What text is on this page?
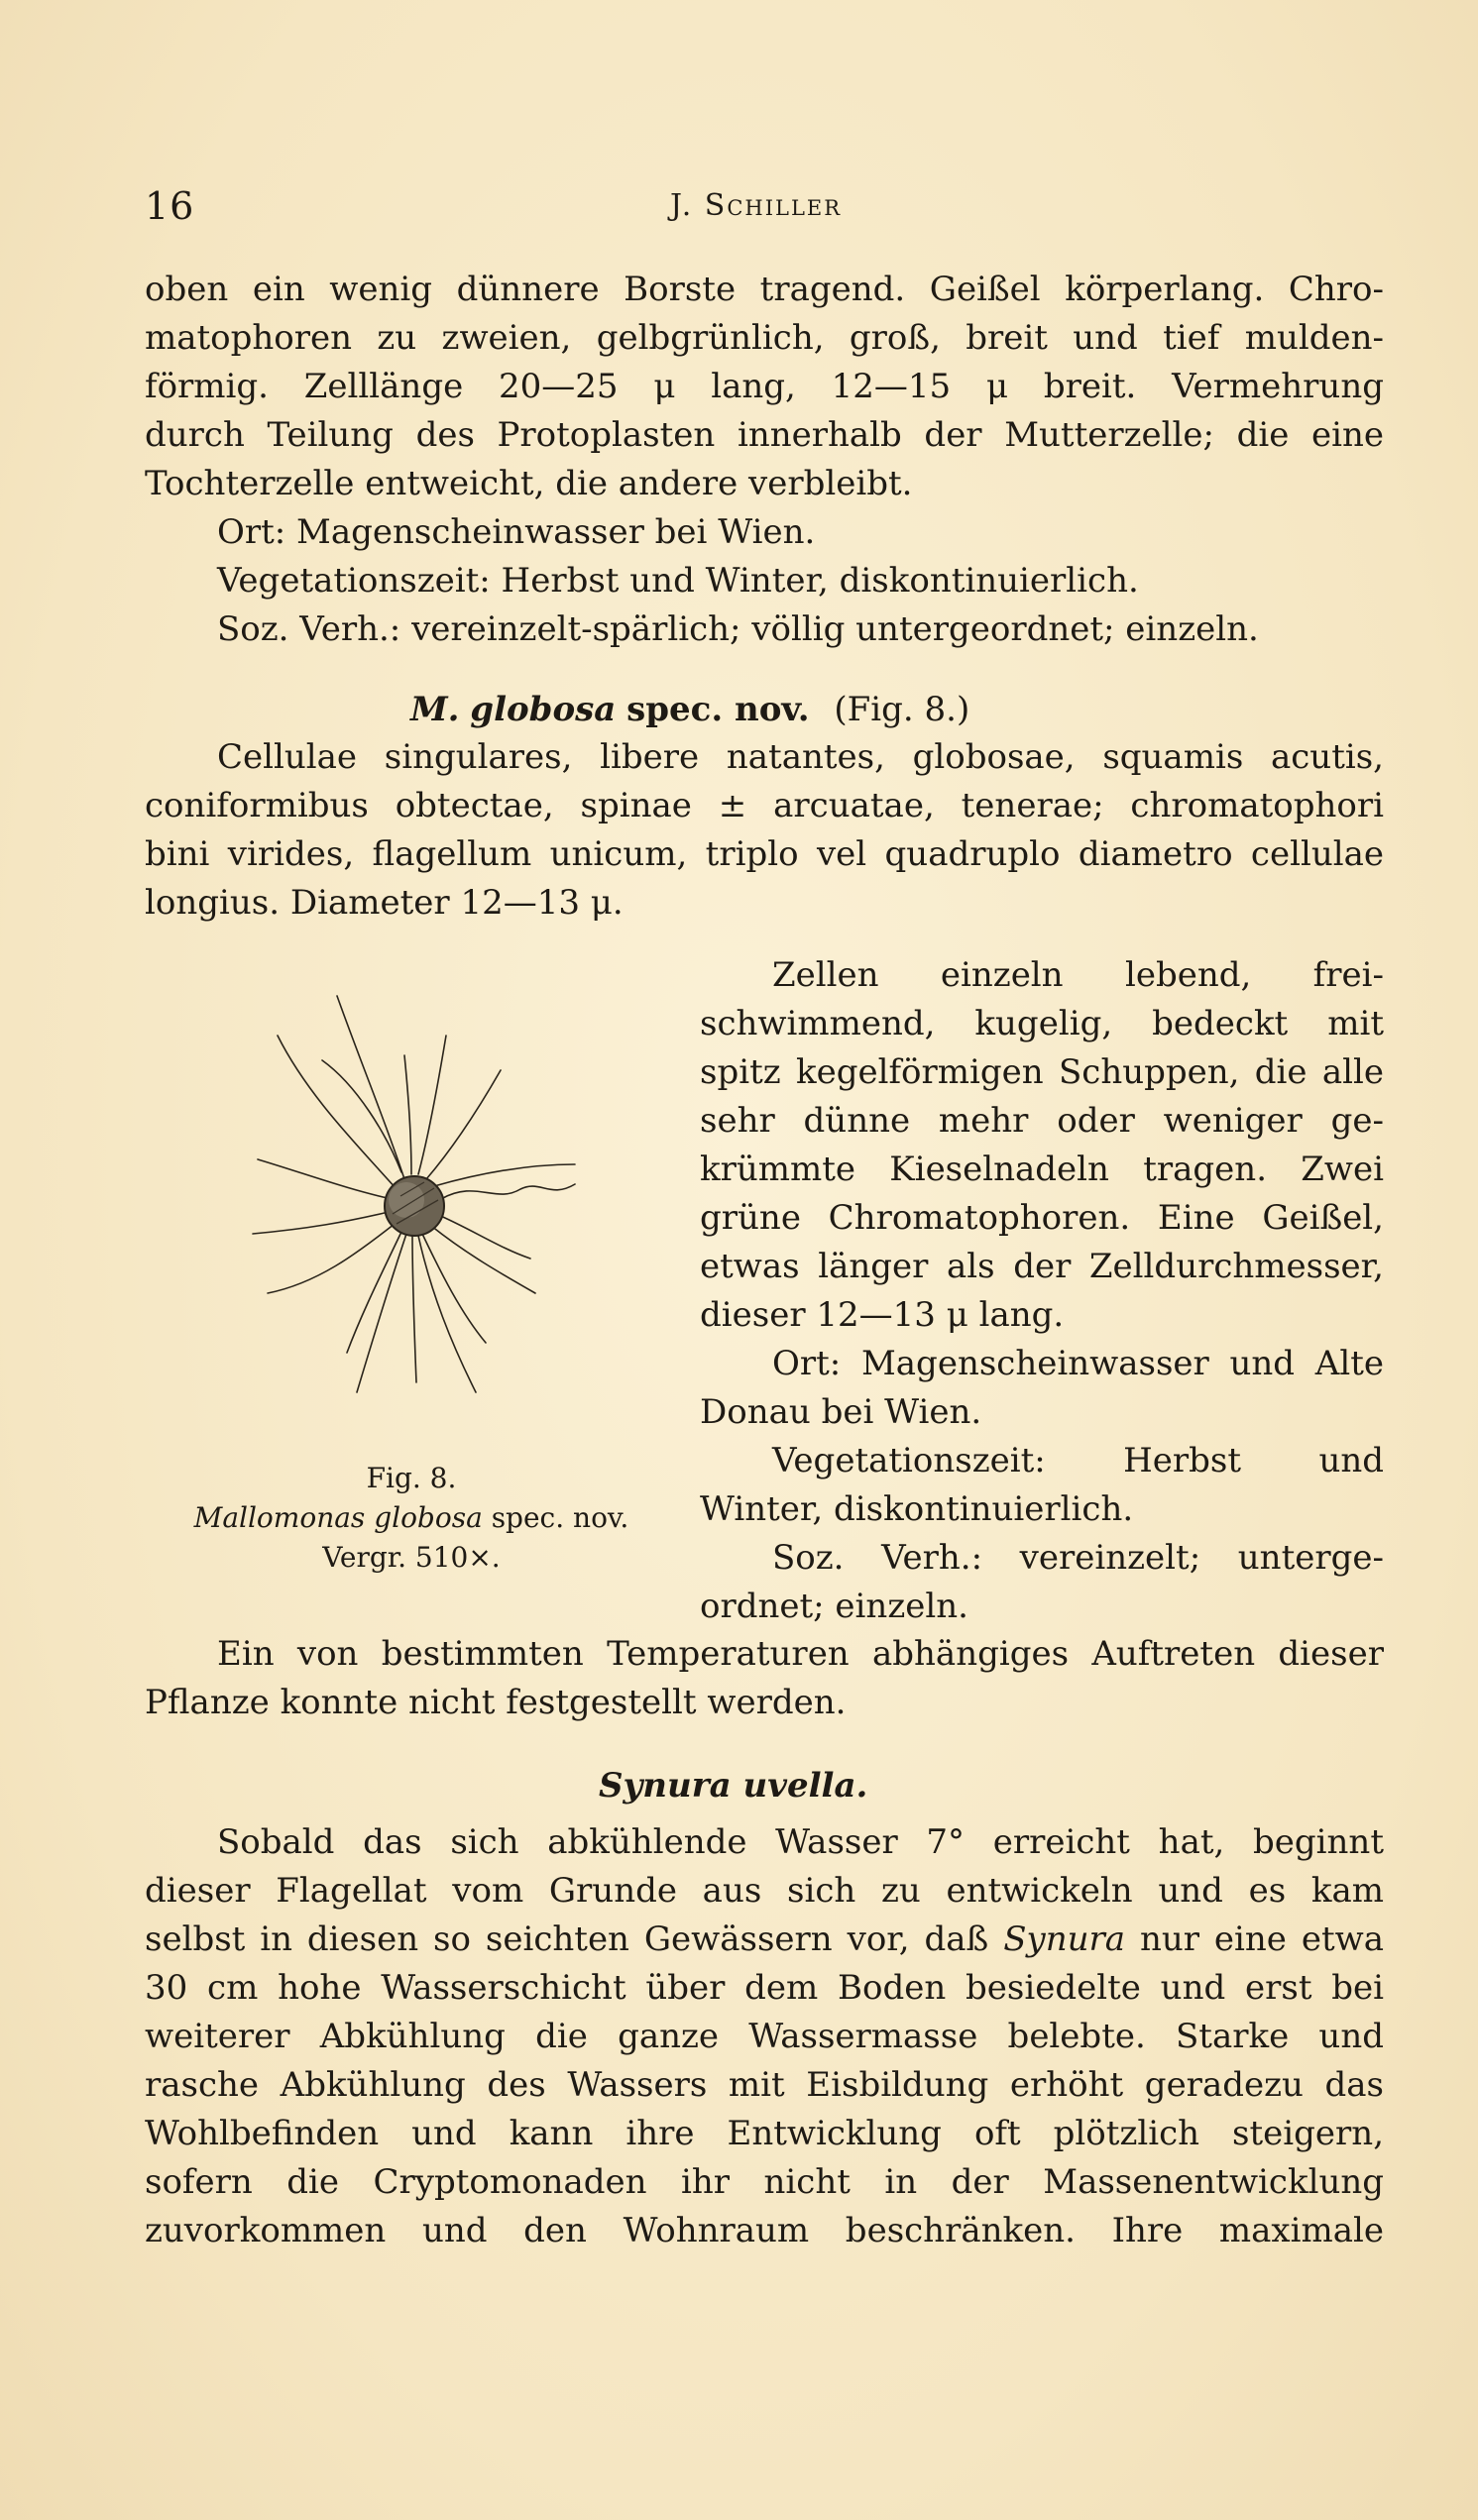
16	J. Schiller
oben ein wenig dünnere Borste tragend. Geißel körperlang. Chro-
matophoren zu zweien, gelbgrünlich, groß, breit und tief mulden-
förmig. Zelllänge 20—25 μ lang, 12—15 μ breit. Vermehrung
durch Teilung des Protoplasten innerhalb der Mutterzelle; die eine
Tochterzelle entweicht, die andere verbleibt.
Ort: Magenscheinwasser bei Wien.
Vegetationszeit: Herbst und Winter, diskontinuierlich.
Soz. Verh.: vereinzelt-spärlich; völlig untergeordnet; einzeln.
M. globosa spec. nov. (Fig. 8.)
Cellulae singulares, libere natantes, globosae, squamis acutis,
coniformibus obtectae, spinae ± arcuatae, tenerae; chromatophori
bini virides, flagellum unicum, triplo vel quadruplo diametro cellulae
longius. Diameter 12—13 μ.
Fig. 8.
Mallomonas globosa spec. nov.
Vergr. 510×.
Zellen einzeln lebend, frei-
schwimmend, kugelig, bedeckt mit
spitz kegelförmigen Schuppen, die alle
sehr dünne mehr oder weniger ge-
krümmte Kieselnadeln tragen. Zwei
grüne Chromatophoren. Eine Geißel,
etwas länger als der Zelldurchmesser,
dieser 12—13 μ lang.
Ort: Magenscheinwasser und Alte
Donau bei Wien.
Vegetationszeit: Herbst und
Winter, diskontinuierlich.
Soz. Verh.: vereinzelt; unterge-
ordnet; einzeln.
Ein von bestimmten Temperaturen abhängiges Auftreten dieser
Pflanze konnte nicht festgestellt werden.
Synura uvella.
Sobald das sich abkühlende Wasser 7° erreicht hat, beginnt
dieser Flagellat vom Grunde aus sich zu entwickeln und es kam
selbst in diesen so seichten Gewässern vor, daß Synura nur eine etwa
30 cm hohe Wasserschicht über dem Boden besiedelte und erst bei
weiterer Abkühlung die ganze Wassermasse belebte. Starke und
rasche Abkühlung des Wassers mit Eisbildung erhöht geradezu das
Wohlbefinden und kann ihre Entwicklung oft plötzlich steigern,
sofern die Cryptomonaden ihr nicht in der Massenentwicklung
zuvorkommen und den Wohnraum beschränken. Ihre maximale
